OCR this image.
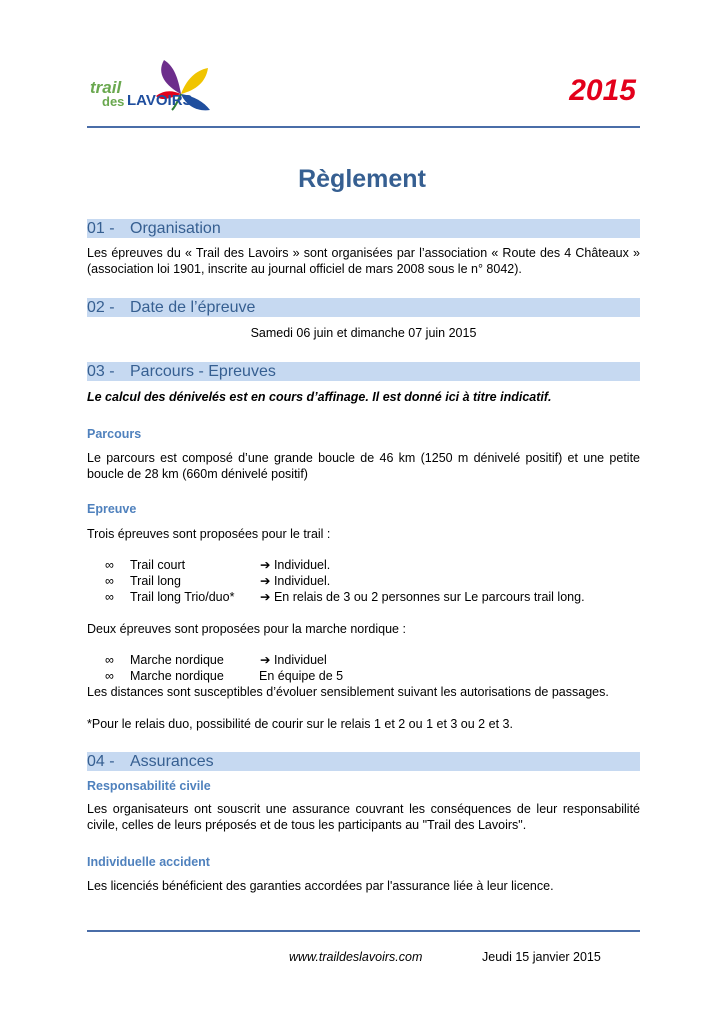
trail
des LAVOIRS	2015
Règlement
01 - Organisation
Les épreuves du « Trail des Lavoirs » sont organisées par l’association « Route des 4 Châteaux » (association loi 1901, inscrite au journal officiel de mars 2008 sous le n° 8042).
02 - Date de l’épreuve
Samedi 06 juin et dimanche 07 juin 2015
03 - Parcours - Epreuves
Le calcul des dénivelés est en cours d’affinage. Il est donné ici à titre indicatif.
Parcours
Le parcours est composé d’une grande boucle de 46 km (1250 m dénivelé positif) et une petite boucle de 28 km (660m dénivelé positif)
Epreuve
Trois épreuves sont proposées pour le trail :
∞ Trail court	➔ Individuel.
∞ Trail long	➔ Individuel.
∞ Trail long Trio/duo* ➔ En relais de 3 ou 2 personnes sur Le parcours trail long.
Deux épreuves sont proposées pour la marche nordique :
∞ Marche nordique	➔ Individuel
∞ Marche nordique	En équipe de 5
Les distances sont susceptibles d’évoluer sensiblement suivant les autorisations de passages.
*Pour le relais duo, possibilité de courir sur le relais 1 et 2 ou 1 et 3 ou 2 et 3.
04 - Assurances
Responsabilité civile
Les organisateurs ont souscrit une assurance couvrant les conséquences de leur responsabilité civile, celles de leurs préposés et de tous les participants au "Trail des Lavoirs".
Individuelle accident
Les licenciés bénéficient des garanties accordées par l'assurance liée à leur licence.
www.traildeslavoirs.com	Jeudi 15 janvier 2015
